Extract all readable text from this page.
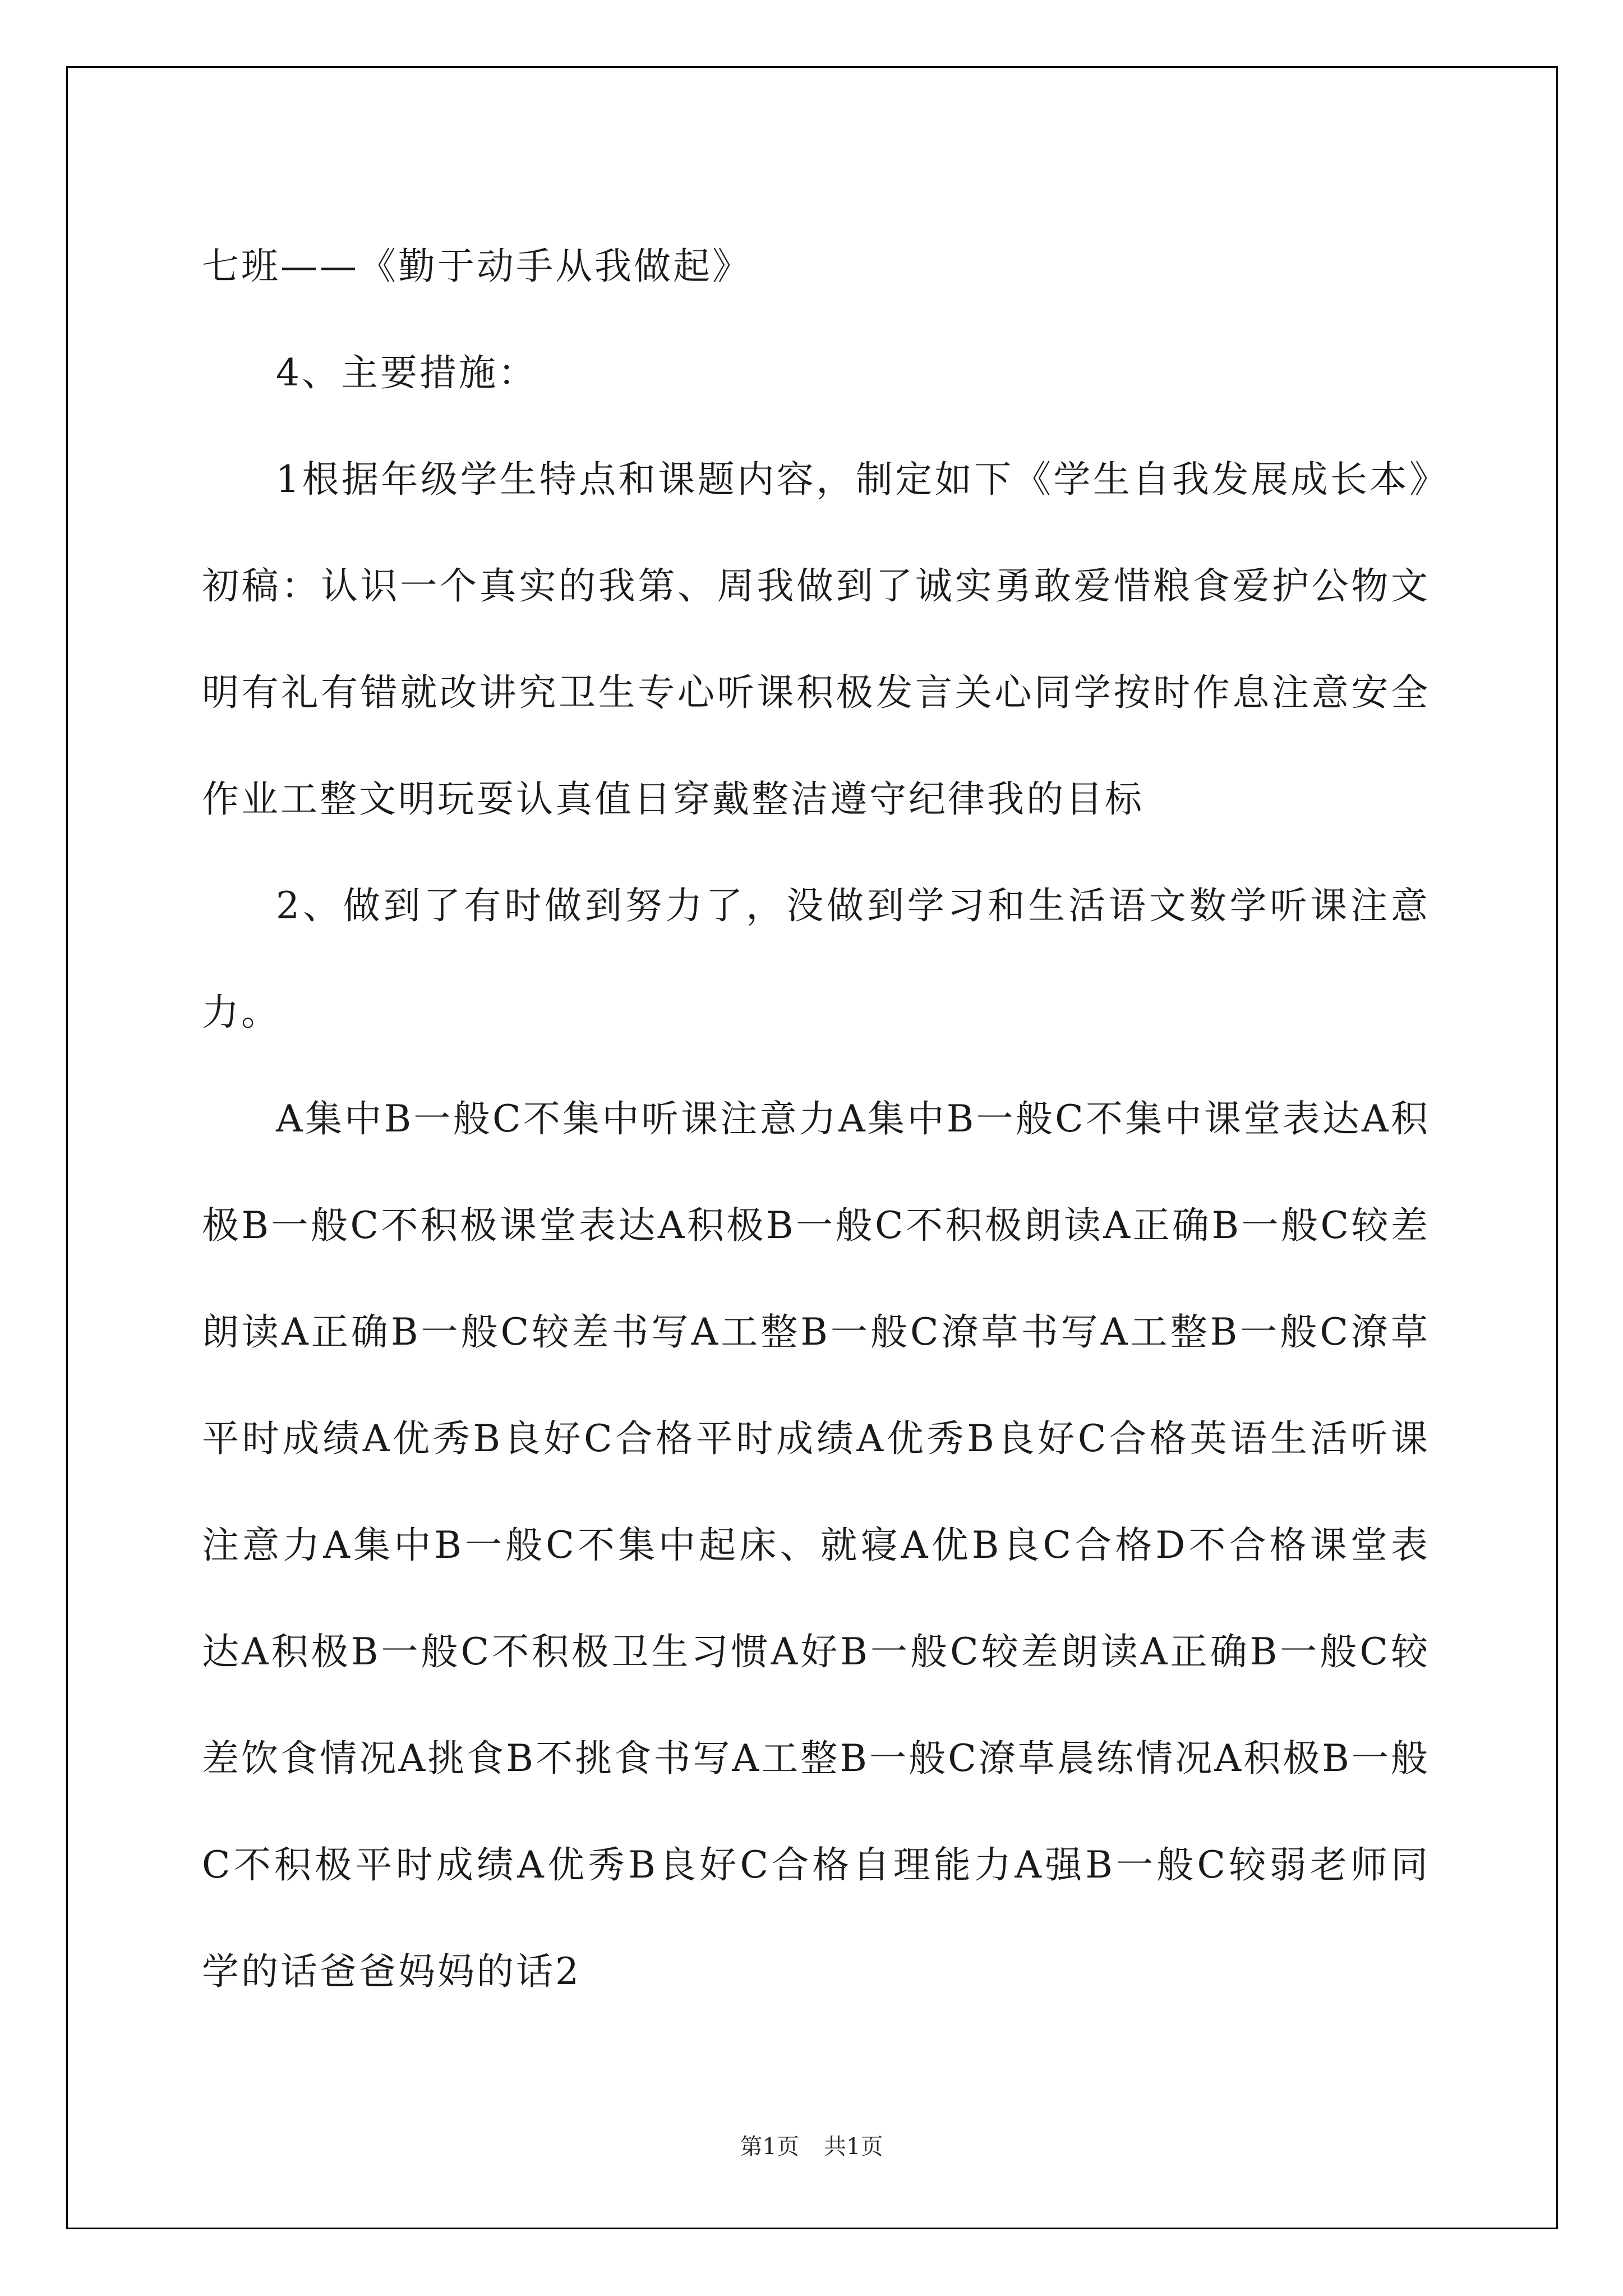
七班——《勤于动手从我做起》

4、主要措施：

1根据年级学生特点和课题内容，制定如下《学生自我发展成长本》初稿：认识一个真实的我第、周我做到了诚实勇敢爱惜粮食爱护公物文明有礼有错就改讲究卫生专心听课积极发言关心同学按时作息注意安全作业工整文明玩耍认真值日穿戴整洁遵守纪律我的目标

2、做到了有时做到努力了，没做到学习和生活语文数学听课注意力。

A集中B一般C不集中听课注意力A集中B一般C不集中课堂表达A积极B一般C不积极课堂表达A积极B一般C不积极朗读A正确B一般C较差朗读A正确B一般C较差书写A工整B一般C潦草书写A工整B一般C潦草平时成绩A优秀B良好C合格平时成绩A优秀B良好C合格英语生活听课注意力A集中B一般C不集中起床、就寝A优B良C合格D不合格课堂表达A积极B一般C不积极卫生习惯A好B一般C较差朗读A正确B一般C较差饮食情况A挑食B不挑食书写A工整B一般C潦草晨练情况A积极B一般C不积极平时成绩A优秀B良好C合格自理能力A强B一般C较弱老师同学的话爸爸妈妈的话2

第1页 共1页
